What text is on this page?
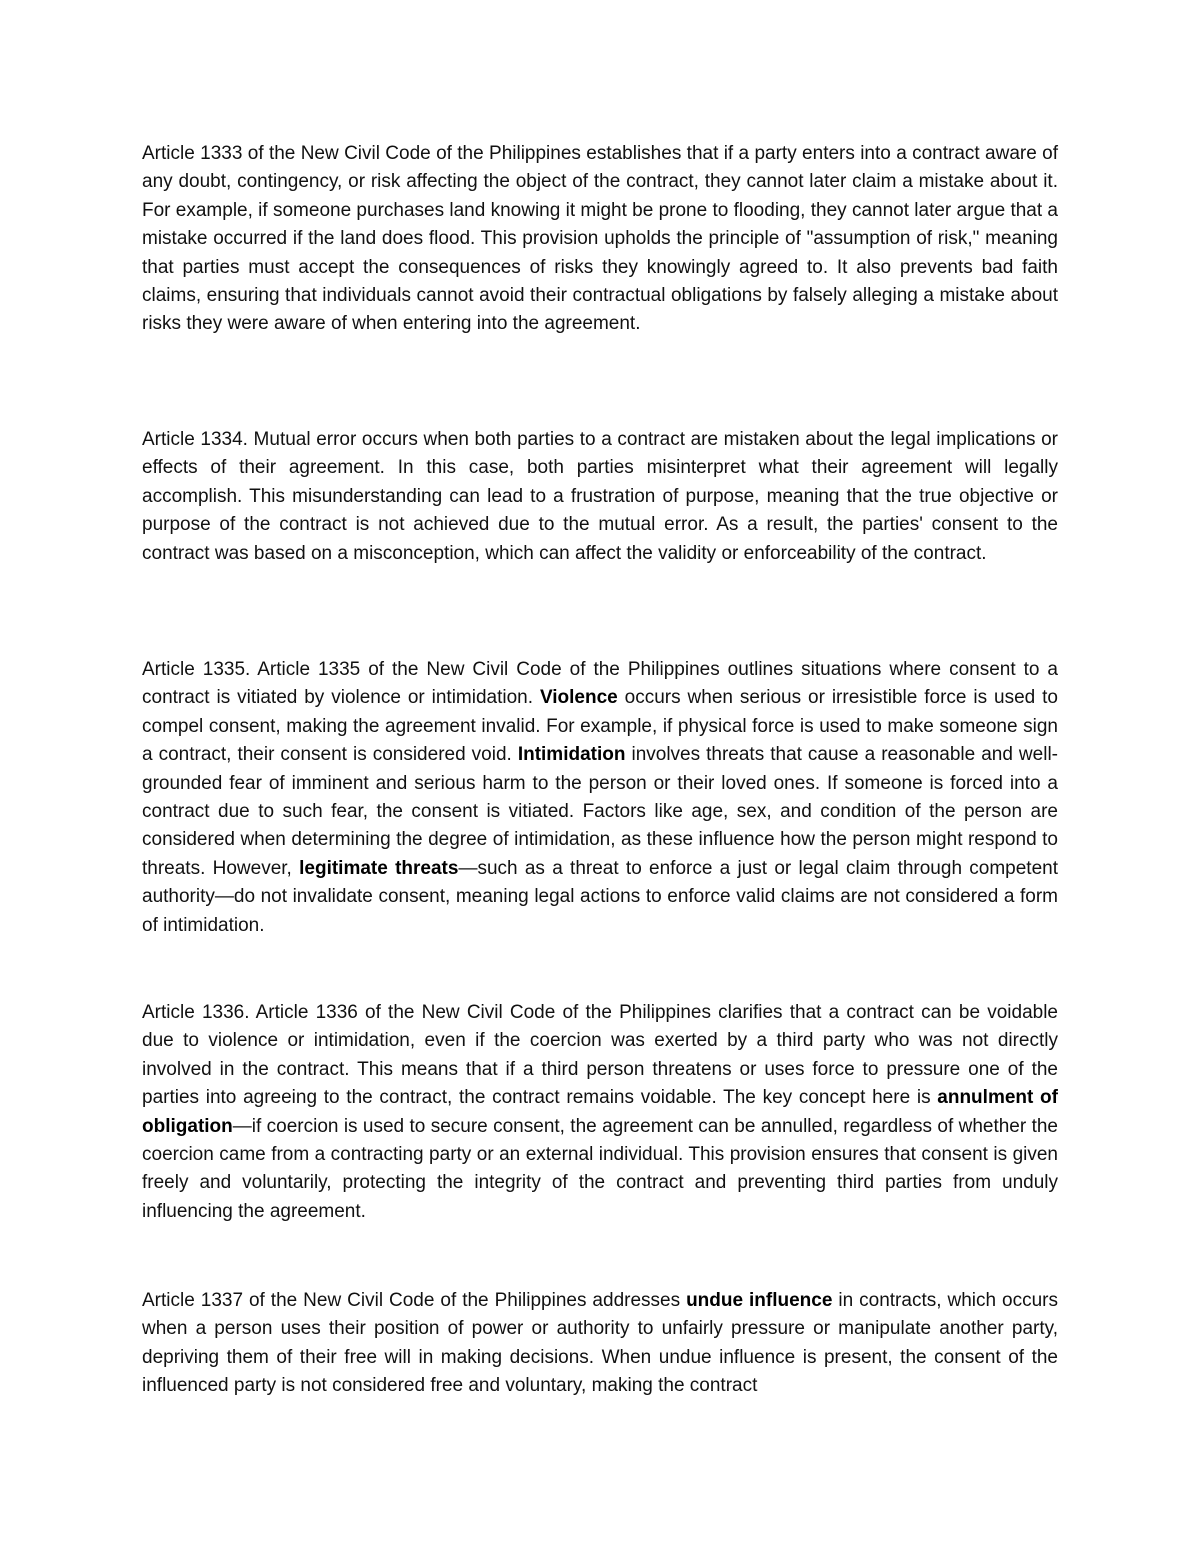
Article 1333 of the New Civil Code of the Philippines establishes that if a party enters into a contract aware of any doubt, contingency, or risk affecting the object of the contract, they cannot later claim a mistake about it. For example, if someone purchases land knowing it might be prone to flooding, they cannot later argue that a mistake occurred if the land does flood. This provision upholds the principle of "assumption of risk," meaning that parties must accept the consequences of risks they knowingly agreed to. It also prevents bad faith claims, ensuring that individuals cannot avoid their contractual obligations by falsely alleging a mistake about risks they were aware of when entering into the agreement.

Article 1334. Mutual error occurs when both parties to a contract are mistaken about the legal implications or effects of their agreement. In this case, both parties misinterpret what their agreement will legally accomplish. This misunderstanding can lead to a frustration of purpose, meaning that the true objective or purpose of the contract is not achieved due to the mutual error. As a result, the parties' consent to the contract was based on a misconception, which can affect the validity or enforceability of the contract.

Article 1335. Article 1335 of the New Civil Code of the Philippines outlines situations where consent to a contract is vitiated by violence or intimidation. Violence occurs when serious or irresistible force is used to compel consent, making the agreement invalid. For example, if physical force is used to make someone sign a contract, their consent is considered void. Intimidation involves threats that cause a reasonable and well-grounded fear of imminent and serious harm to the person or their loved ones. If someone is forced into a contract due to such fear, the consent is vitiated. Factors like age, sex, and condition of the person are considered when determining the degree of intimidation, as these influence how the person might respond to threats. However, legitimate threats—such as a threat to enforce a just or legal claim through competent authority—do not invalidate consent, meaning legal actions to enforce valid claims are not considered a form of intimidation.

Article 1336. Article 1336 of the New Civil Code of the Philippines clarifies that a contract can be voidable due to violence or intimidation, even if the coercion was exerted by a third party who was not directly involved in the contract. This means that if a third person threatens or uses force to pressure one of the parties into agreeing to the contract, the contract remains voidable. The key concept here is annulment of obligation—if coercion is used to secure consent, the agreement can be annulled, regardless of whether the coercion came from a contracting party or an external individual. This provision ensures that consent is given freely and voluntarily, protecting the integrity of the contract and preventing third parties from unduly influencing the agreement.

Article 1337 of the New Civil Code of the Philippines addresses undue influence in contracts, which occurs when a person uses their position of power or authority to unfairly pressure or manipulate another party, depriving them of their free will in making decisions. When undue influence is present, the consent of the influenced party is not considered free and voluntary, making the contract
